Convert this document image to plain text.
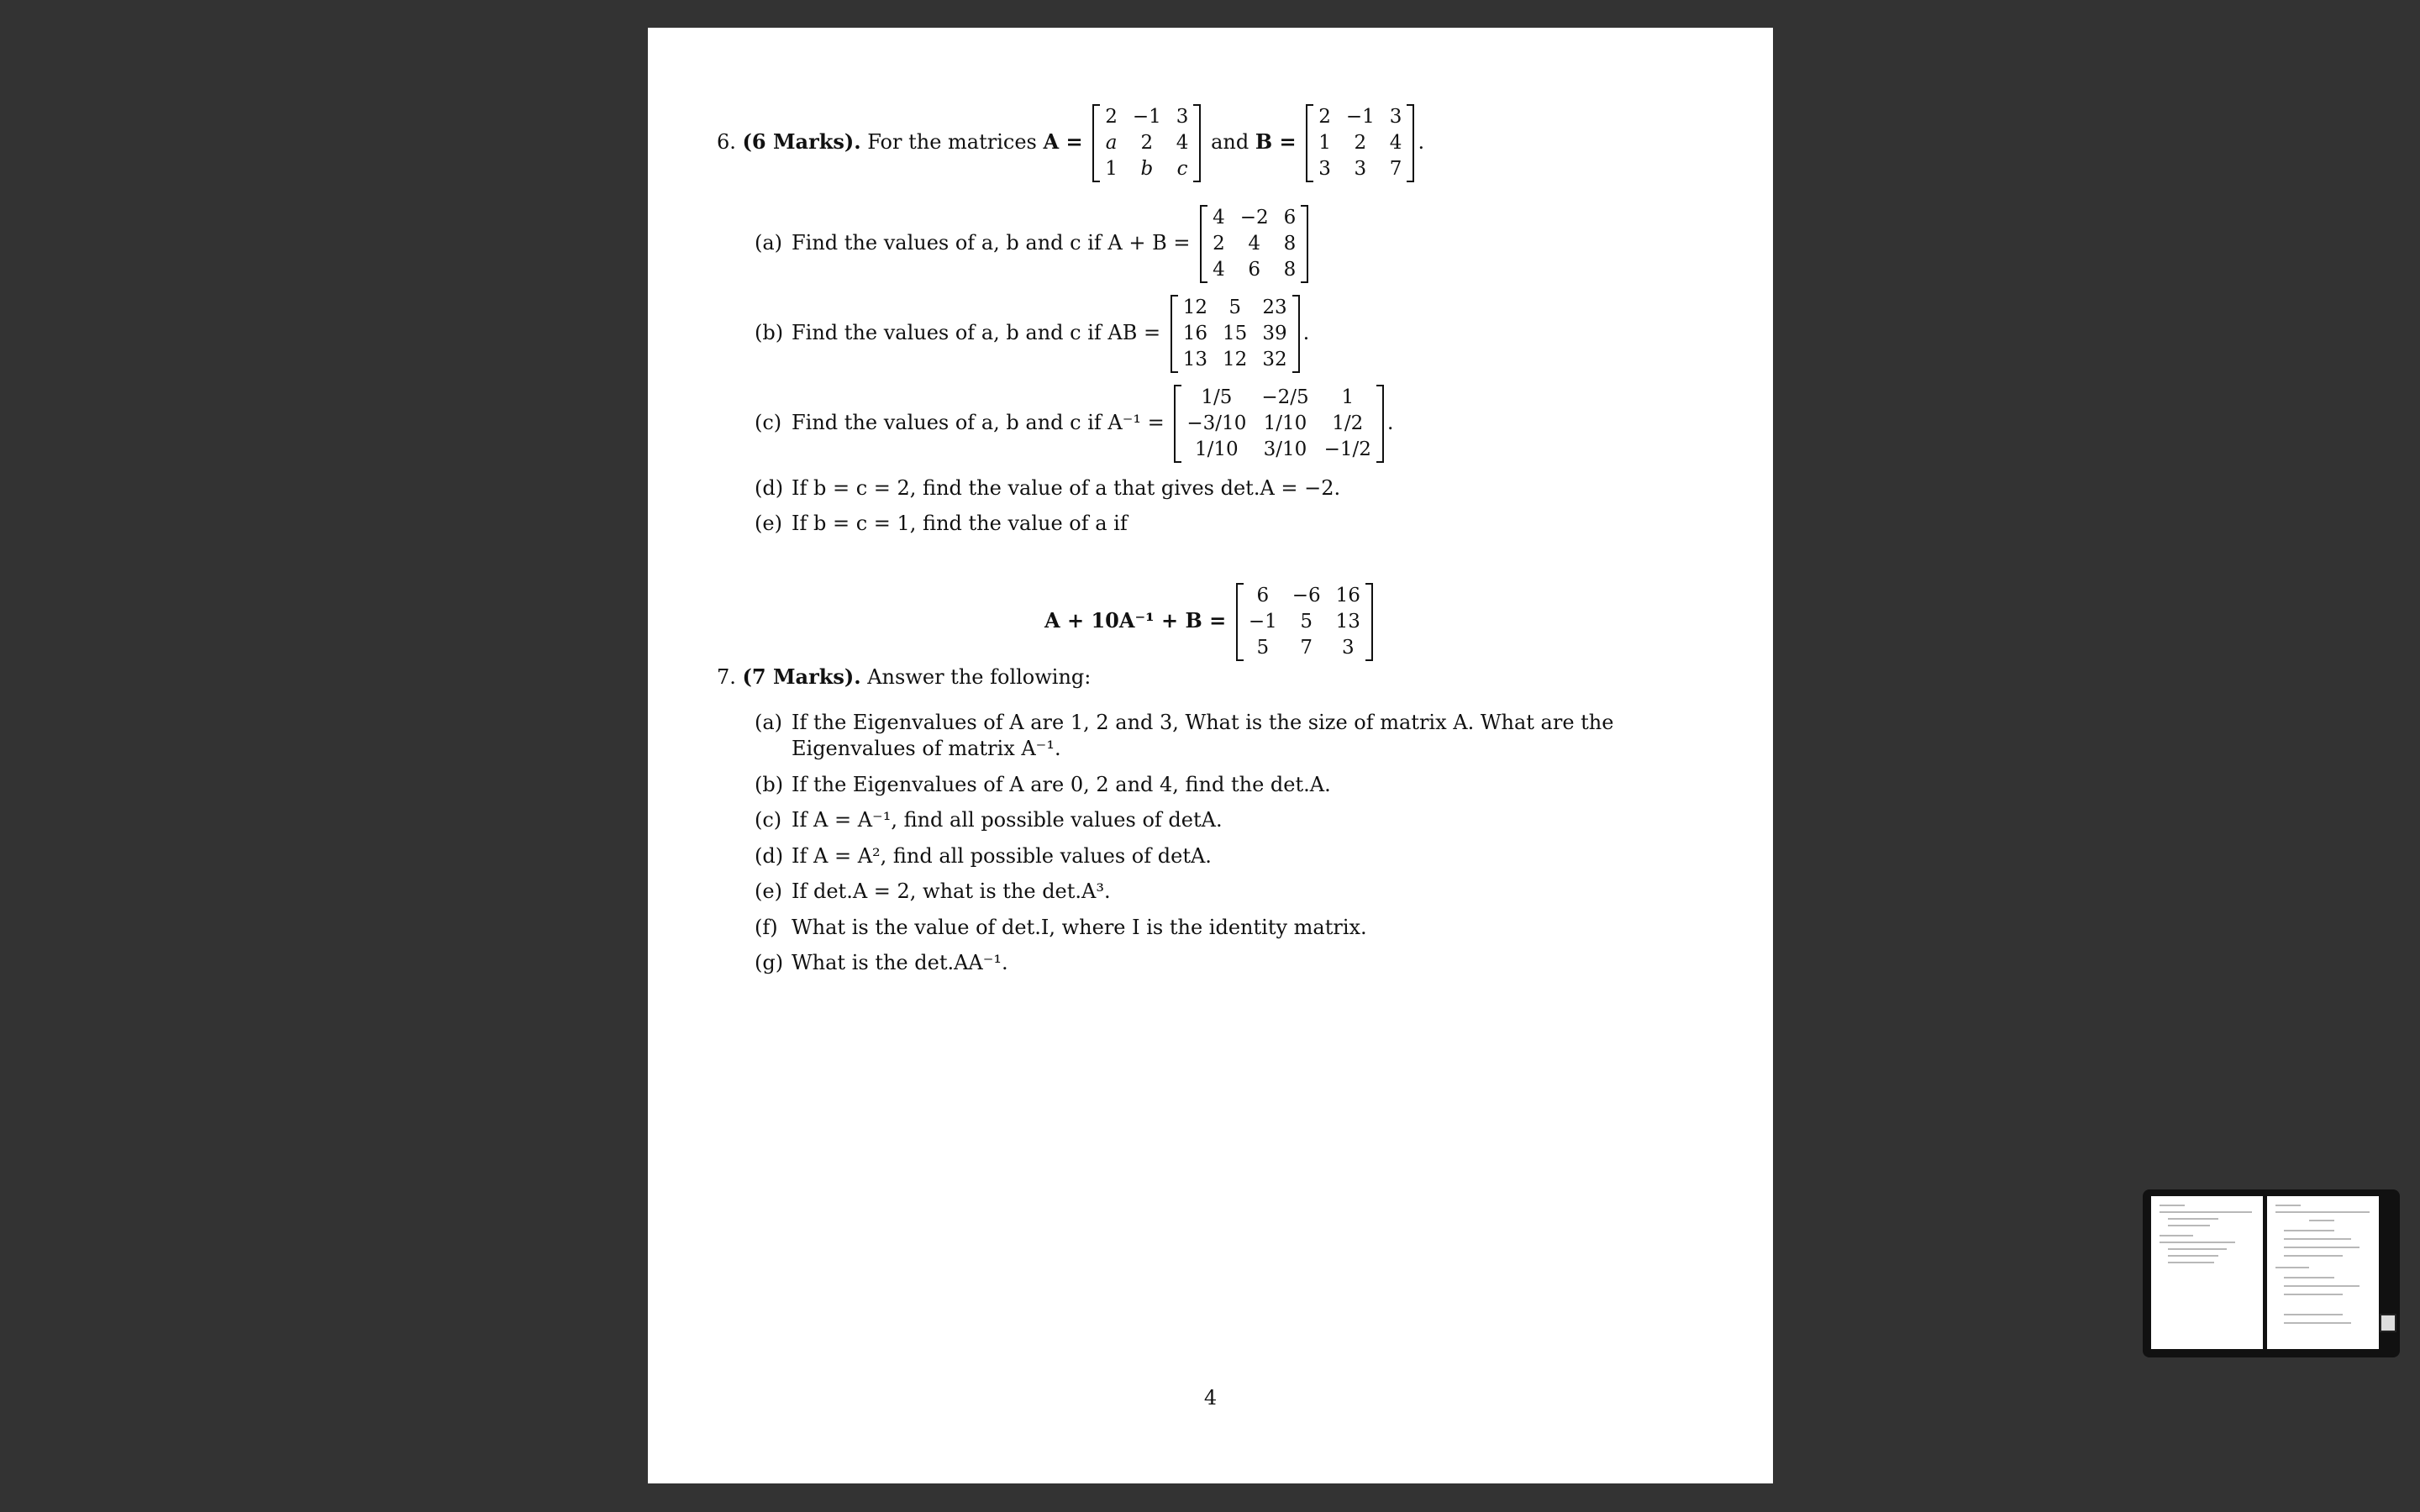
6. (6 Marks). For the matrices A =
2	−1	3
a	2	4
1	b	c
and B =
2	−1	3
1	2	4
3	3	7
.
(a) Find the values of a, b and c if A + B =
4	−2	6
2	4	8
4	6	8
(b) Find the values of a, b and c if AB =
12	5	23
16	15	39
13	12	32
.
(c) Find the values of a, b and c if A⁻¹ =
1/5	−2/5	1
−3/10	1/10	1/2
1/10	3/10	−1/2
.
(d) If b = c = 2, find the value of a that gives det.A = −2.
(e) If b = c = 1, find the value of a if
A + 10A⁻¹ + B =
6	−6	16
−1	5	13
5	7	3
7. (7 Marks). Answer the following:
(a) If the Eigenvalues of A are 1, 2 and 3, What is the size of matrix A. What are the
Eigenvalues of matrix A⁻¹.
(b) If the Eigenvalues of A are 0, 2 and 4, find the det.A.
(c) If A = A⁻¹, find all possible values of detA.
(d) If A = A², find all possible values of detA.
(e) If det.A = 2, what is the det.A³.
(f) What is the value of det.I, where I is the identity matrix.
(g) What is the det.AA⁻¹.
4
